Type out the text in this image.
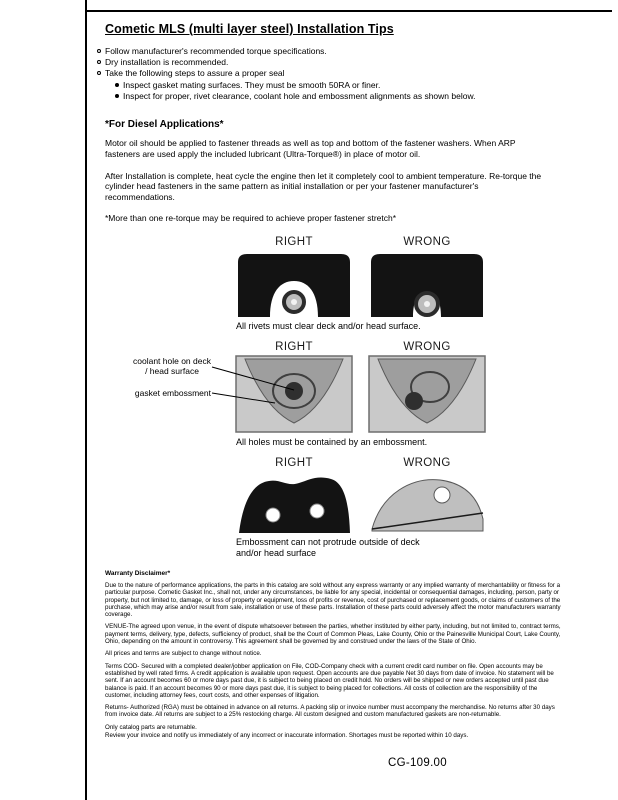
Cometic MLS (multi layer steel) Installation Tips
Follow manufacturer's recommended torque specifications.
Dry installation is recommended.
Take the following steps to assure a proper seal
Inspect gasket mating surfaces. They must be smooth 50RA or finer.
Inspect for proper, rivet clearance, coolant hole and embossment alignments as shown below.
*For Diesel Applications*

Motor oil should be applied to fastener threads as well as top and bottom of the fastener washers. When ARP fasteners are used apply the included lubricant (Ultra-Torque®) in place of motor oil.

After Installation is complete, heat cycle the engine then let it completely cool to ambient temperature. Re-torque the cylinder head fasteners in the same pattern as initial installation or per your fastener manufacturer's recommendations.

*More than one re-torque may be required to achieve proper fastener stretch*

RIGHT	WRONG

All rivets must clear deck and/or head surface.

RIGHT	WRONG
coolant hole on deck / head surface
gasket embossment

All holes must be contained by an embossment.

RIGHT	WRONG

Embossment can not protrude outside of deck and/or head surface

Warranty Disclaimer*

Due to the nature of performance applications, the parts in this catalog are sold without any express warranty or any implied warranty of merchantability or fitness for a particular purpose. Cometic Gasket Inc., shall not, under any circumstances, be liable for any special, incidental or consequential damages, including, person, party or property, but not limited to, damage, or loss of property or equipment, loss of profits or revenue, cost of purchased or replacement goods, or claims of customers of the purchase, which may arise and/or result from sale, installation or use of these parts. Installation of these parts could adversely affect the motor manufacturers warranty coverage.

VENUE-The agreed upon venue, in the event of dispute whatsoever between the parties, whether instituted by either party, including, but not limited to, contract terms, payment terms, delivery, type, defects, sufficiency of product, shall be the Court of Common Pleas, Lake County, Ohio or the Painesville Municipal Court, Lake County, Ohio, depending on the amount in controversy. This agreement shall be governed by and construed under the laws of the State of Ohio.

All prices and terms are subject to change without notice.

Terms COD- Secured with a completed dealer/jobber application on File, COD-Company check with a current credit card number on file. Open accounts may be established by well rated firms. A credit application is available upon request. Open accounts are due payable Net 30 days from date of invoice. No statement will be sent. If an account becomes 60 or more days past due, it is subject to being placed on credit hold. No orders will be shipped or new orders accepted until past due balance is paid. If an account becomes 90 or more days past due, it is subject to being placed for collections. All costs of collection are the responsibility of the customer, including attorney fees, court costs, and other expenses of litigation.

Returns- Authorized (RGA) must be obtained in advance on all returns. A packing slip or invoice number must accompany the merchandise. No returns after 30 days from invoice date. All returns are subject to a 25% restocking charge. All custom designed and custom manufactured gaskets are non-returnable.

Only catalog parts are returnable.

Review your invoice and notify us immediately of any incorrect or inaccurate information. Shortages must be reported within 10 days.

CG-109.00
